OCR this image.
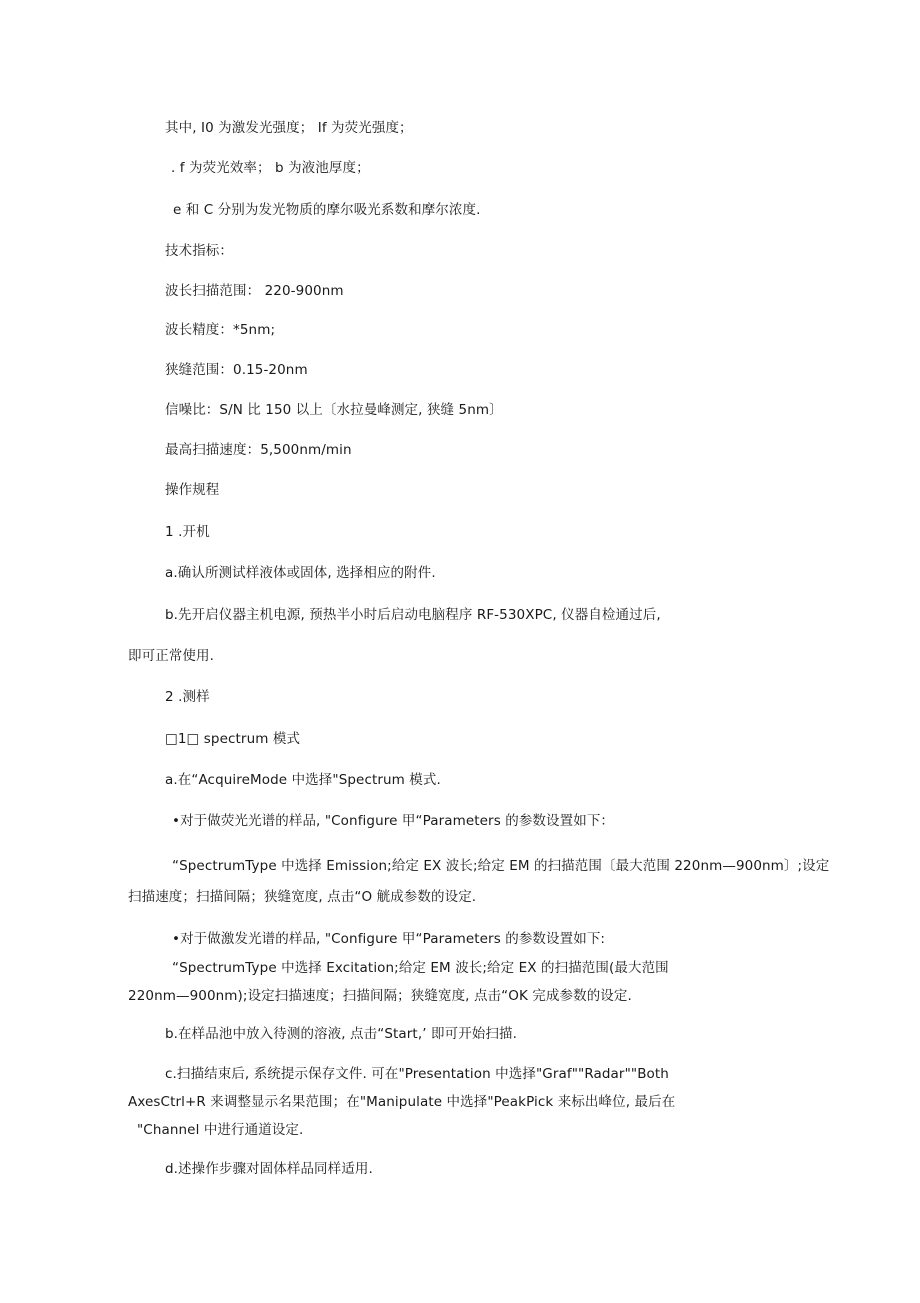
其中, I0 为激发光强度； If 为荧光强度；
. f 为荧光效率； b 为液池厚度；
e 和 C 分别为发光物质的摩尔吸光系数和摩尔浓度.
技术指标：
波长扫描范围： 220-900nm
波长精度：*5nm;
狭缝范围：0.15-20nm
信噪比：S/N 比 150 以上〔水拉曼峰测定, 狭缝 5nm〕
最高扫描速度：5,500nm/min
操作规程
1 .开机
a.确认所测试样液体或固体, 选择相应的附件.
b.先开启仪器主机电源, 预热半小时后启动电脑程序 RF-530XPC, 仪器自检通过后,
即可正常使用.
2 .测样
□1□ spectrum 模式
a.在“AcquireMode 中选择"Spectrum 模式.
•对于做荧光光谱的样品, "Configure 甲“Parameters 的参数设置如下：
“SpectrumType 中选择 Emission;给定 EX 波长;给定 EM 的扫描范围〔最大范围 220nm—900nm〕;设定
扫描速度；扫描间隔；狭缝宽度, 点击“O 觥成参数的设定.
•对于做激发光谱的样品, "Configure 甲“Parameters 的参数设置如下:
“SpectrumType 中选择 Excitation;给定 EM 波长;给定 EX 的扫描范围(最大范围
220nm—900nm);设定扫描速度；扫描间隔；狭缝宽度, 点击“OK 完成参数的设定.
b.在样品池中放入待测的溶液, 点击“Start,’ 即可开始扫描.
c.扫描结束后, 系统提示保存文件. 可在"Presentation 中选择"Graf""Radar""Both
AxesCtrl+R 来调整显示名果范围；在"Manipulate 中选择"PeakPick 来标出峰位, 最后在
"Channel 中进行通道设定.
d.述操作步骤对固体样品同样适用.
